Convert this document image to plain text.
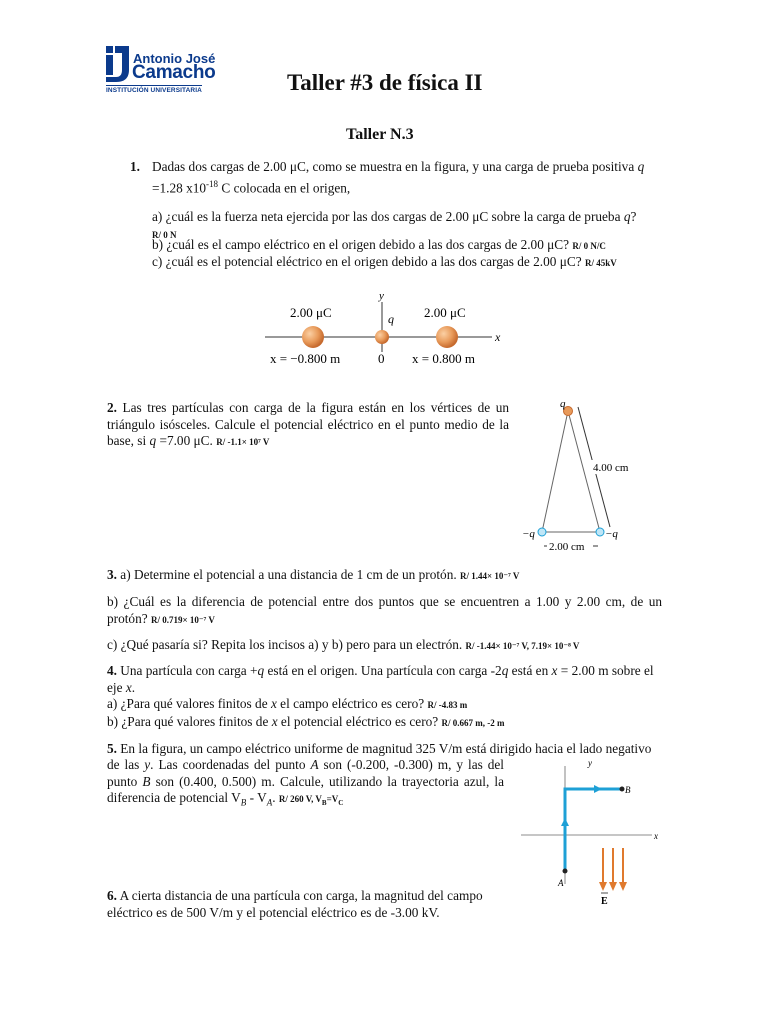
Antonio José
Camacho
INSTITUCIÓN UNIVERSITARIA	Taller #3 de física II
Taller N.3
1. Dadas dos cargas de 2.00 μC, como se muestra en la figura, y una carga de prueba positiva q
=1.28 $x10^{-18}$ C colocada en el origen,
a) ¿cuál es la fuerza neta ejercida por las dos cargas de 2.00 μC sobre la carga de prueba q?
R/ 0 N
b) ¿cuál es el campo eléctrico en el origen debido a las dos cargas de 2.00 μC? R/ 0 N/C
c) ¿cuál es el potencial eléctrico en el origen debido a las dos cargas de 2.00 μC? R/ 45kV
2.00 μC	2.00 μC
y
x
q
x = −0.800 m	0 x = 0.800 m
2. Las tres partículas con carga de la figura están en los vértices de un triángulo isósceles. Calcule el potencial eléctrico en el punto medio de la base, si q =7.00 μC. R/ -1.1× 10⁷ V
q
4.00 cm
−q	−q
2.00 cm
3. a) Determine el potencial a una distancia de 1 cm de un protón. R/ 1.44× 10⁻⁷ V
b) ¿Cuál es la diferencia de potencial entre dos puntos que se encuentren a 1.00 y 2.00 cm, de un protón? R/ 0.719× 10⁻⁷ V
c) ¿Qué pasaría si? Repita los incisos a) y b) pero para un electrón. R/ -1.44× 10⁻⁷ V, 7.19× 10⁻⁸ V
4. Una partícula con carga +q está en el origen. Una partícula con carga -2q está en x = 2.00 m sobre el eje x.
a) ¿Para qué valores finitos de x el campo eléctrico es cero? R/ -4.83 m
b) ¿Para qué valores finitos de x el potencial eléctrico es cero? R/ 0.667 m, -2 m
5. En la figura, un campo eléctrico uniforme de magnitud 325 V/m está dirigido hacia el lado negativo
de las y. Las coordenadas del punto A son (-0.200, -0.300) m, y las del punto B son (0.400, 0.500) m. Calcule, utilizando la trayectoria azul, la diferencia de potencial $V_B - V_A$. R/ 260 V, $V_B=V_C$
y
x
A
B
E
6. A cierta distancia de una partícula con carga, la magnitud del campo eléctrico es de 500 V/m y el potencial eléctrico es de -3.00 kV.
